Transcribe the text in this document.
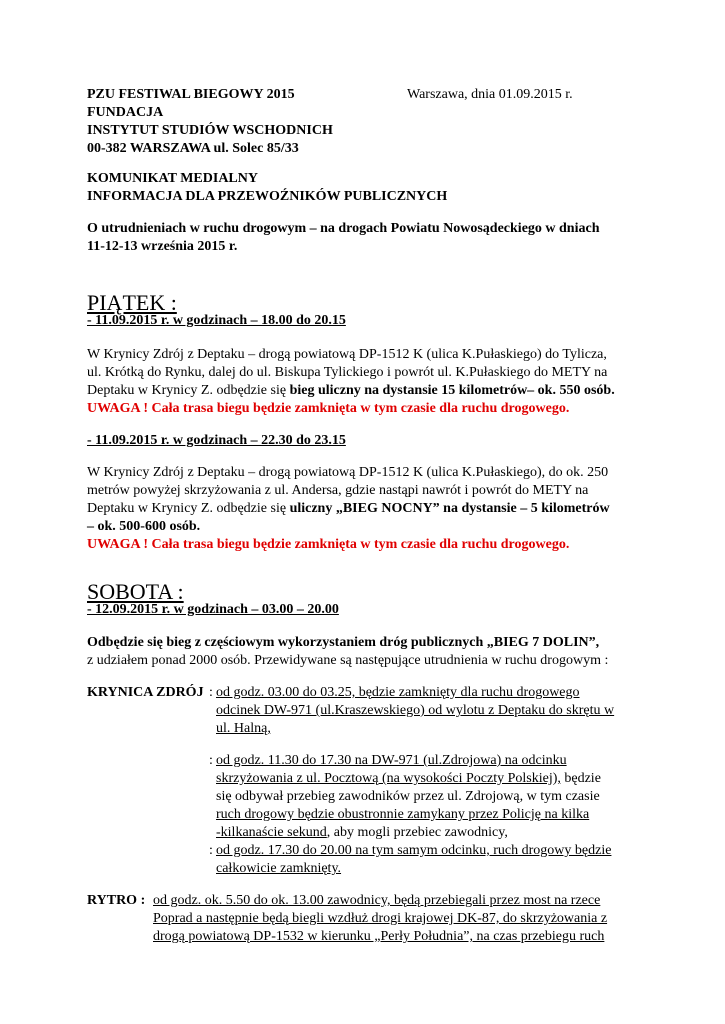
PZU FESTIWAL BIEGOWY 2015	Warszawa, dnia 01.09.2015 r.
FUNDACJA
INSTYTUT STUDIÓW WSCHODNICH
00-382 WARSZAWA ul. Solec 85/33
KOMUNIKAT MEDIALNY
INFORMACJA DLA PRZEWOŹNIKÓW PUBLICZNYCH
O utrudnieniach w ruchu drogowym – na drogach Powiatu Nowosądeckiego w dniach
11-12-13 września 2015 r.
PIĄTEK :
- 11.09.2015 r. w godzinach – 18.00 do 20.15
W Krynicy Zdrój z Deptaku – drogą powiatową DP-1512 K (ulica K.Pułaskiego) do Tylicza,
ul. Krótką do Rynku, dalej do ul. Biskupa Tylickiego i powrót ul. K.Pułaskiego do METY na
Deptaku w Krynicy Z. odbędzie się bieg uliczny na dystansie 15 kilometrów– ok. 550 osób.
UWAGA ! Cała trasa biegu będzie zamknięta w tym czasie dla ruchu drogowego.
- 11.09.2015 r. w godzinach – 22.30 do 23.15
W Krynicy Zdrój z Deptaku – drogą powiatową DP-1512 K (ulica K.Pułaskiego), do ok. 250
metrów powyżej skrzyżowania z ul. Andersa, gdzie nastąpi nawrót i powrót do METY na
Deptaku w Krynicy Z. odbędzie się uliczny „BIEG NOCNY” na dystansie – 5 kilometrów
– ok. 500-600 osób.
UWAGA ! Cała trasa biegu będzie zamknięta w tym czasie dla ruchu drogowego.
SOBOTA :
- 12.09.2015 r. w godzinach – 03.00 – 20.00
Odbędzie się bieg z częściowym wykorzystaniem dróg publicznych „BIEG 7 DOLIN”,
z udziałem ponad 2000 osób. Przewidywane są następujące utrudnienia w ruchu drogowym :
KRYNICA ZDRÓJ : od godz. 03.00 do 03.25, będzie zamknięty dla ruchu drogowego
odcinek DW-971 (ul.Kraszewskiego) od wylotu z Deptaku do skrętu w
ul. Halną,
: od godz. 11.30 do 17.30 na DW-971 (ul.Zdrojowa) na odcinku
skrzyżowania z ul. Pocztową (na wysokości Poczty Polskiej), będzie
się odbywał przebieg zawodników przez ul. Zdrojową, w tym czasie
ruch drogowy będzie obustronnie zamykany przez Policję na kilka
-kilkanaście sekund, aby mogli przebiec zawodnicy,
: od godz. 17.30 do 20.00 na tym samym odcinku, ruch drogowy będzie
całkowicie zamknięty.
RYTRO : od godz. ok. 5.50 do ok. 13.00 zawodnicy, będą przebiegali przez most na rzece
Poprad a następnie będą biegli wzdłuż drogi krajowej DK-87, do skrzyżowania z
drogą powiatową DP-1532 w kierunku „Perły Południa”, na czas przebiegu ruch
